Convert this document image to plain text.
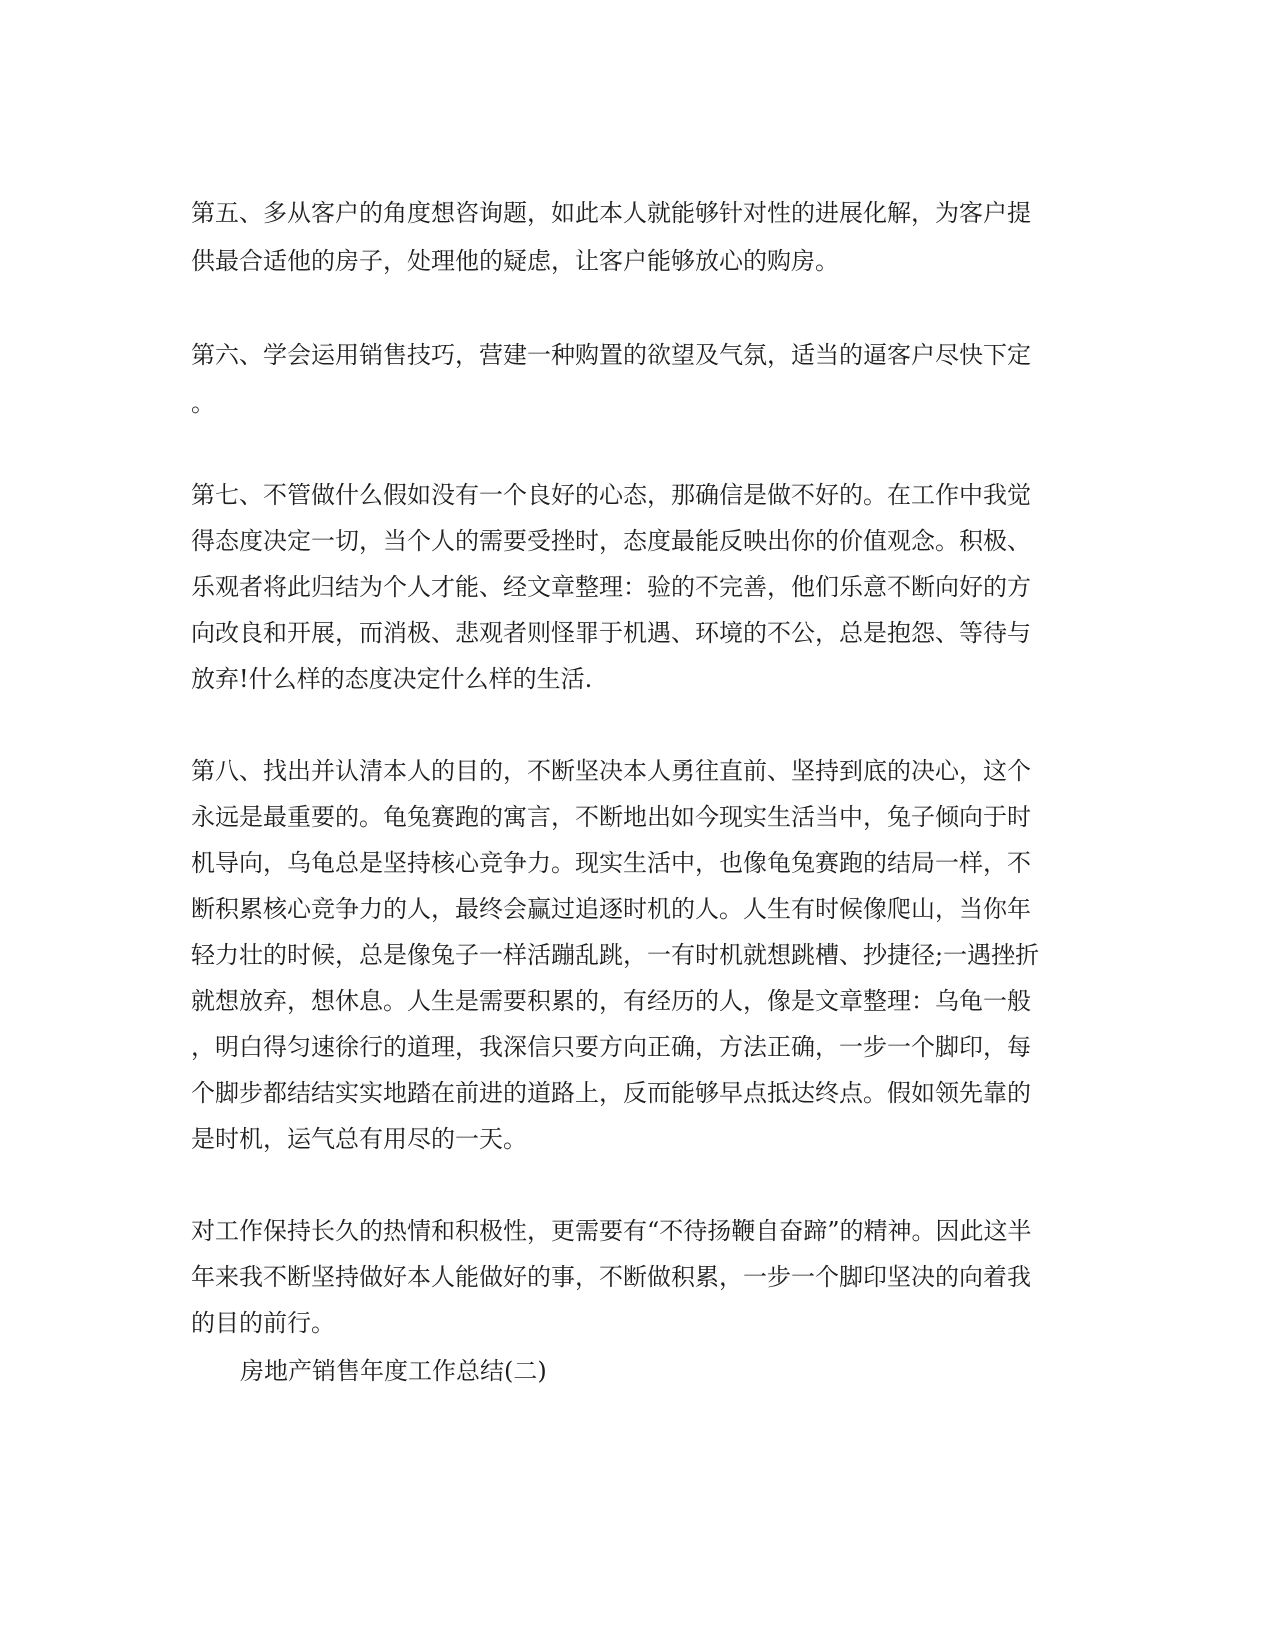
第五、多从客户的角度想咨询题，如此本人就能够针对性的进展化解，为客户提
供最合适他的房子，处理他的疑虑，让客户能够放心的购房。
第六、学会运用销售技巧，营建一种购置的欲望及气氛，适当的逼客户尽快下定
。
第七、不管做什么假如没有一个良好的心态，那确信是做不好的。在工作中我觉
得态度决定一切，当个人的需要受挫时，态度最能反映出你的价值观念。积极、
乐观者将此归结为个人才能、经文章整理：验的不完善，他们乐意不断向好的方
向改良和开展，而消极、悲观者则怪罪于机遇、环境的不公，总是抱怨、等待与
放弃!什么样的态度决定什么样的生活.
第八、找出并认清本人的目的，不断坚决本人勇往直前、坚持到底的决心，这个
永远是最重要的。龟兔赛跑的寓言，不断地出如今现实生活当中，兔子倾向于时
机导向，乌龟总是坚持核心竞争力。现实生活中，也像龟兔赛跑的结局一样，不
断积累核心竞争力的人，最终会赢过追逐时机的人。人生有时候像爬山，当你年
轻力壮的时候，总是像兔子一样活蹦乱跳，一有时机就想跳槽、抄捷径;一遇挫折
就想放弃，想休息。人生是需要积累的，有经历的人，像是文章整理：乌龟一般
，明白得匀速徐行的道理，我深信只要方向正确，方法正确，一步一个脚印，每
个脚步都结结实实地踏在前进的道路上，反而能够早点抵达终点。假如领先靠的
是时机，运气总有用尽的一天。
对工作保持长久的热情和积极性，更需要有“不待扬鞭自奋蹄”的精神。因此这半
年来我不断坚持做好本人能做好的事，不断做积累，一步一个脚印坚决的向着我
的目的前行。
房地产销售年度工作总结(二)
